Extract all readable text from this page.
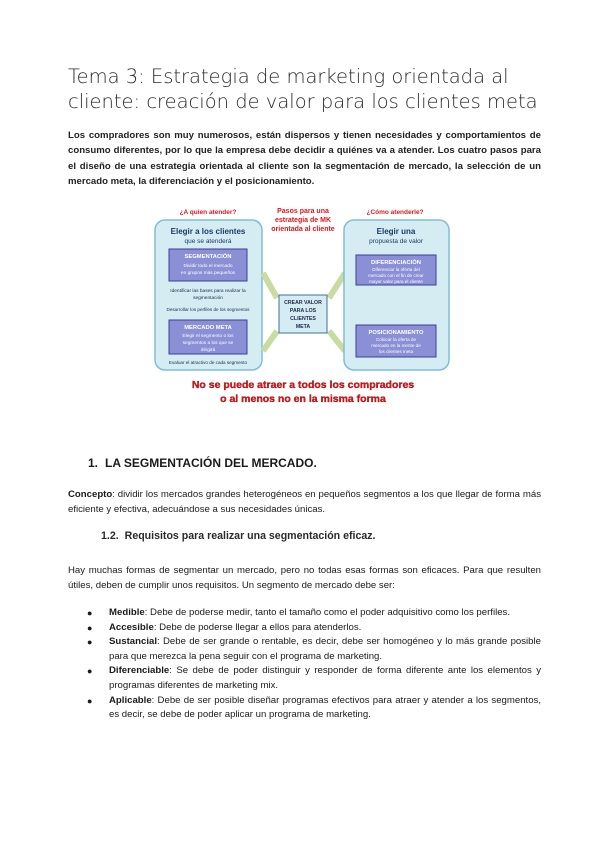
Tema 3: Estrategia de marketing orientada al cliente: creación de valor para los clientes meta

Los compradores son muy numerosos, están dispersos y tienen necesidades y comportamientos de consumo diferentes, por lo que la empresa debe decidir a quiénes va a atender. Los cuatro pasos para el diseño de una estrategia orientada al cliente son la segmentación de mercado, la selección de un mercado meta, la diferenciación y el posicionamiento.

¿A quien atender?	Pasos para una
estrategia de MK
orientada al cliente
¿Cómo atenderle?
Elegir a los clientes
que se atenderá
SEGMENTACIÓN
Dividir todo el mercado
en grupos más pequeños
Identificar las bases para realizar la
segmentación
Desarrollar los perfiles de los segmentos
MERCADO META
Elegir el segmento o los
segmentos a los que se
dirigirá
Evaluar el atractivo de cada segmento
CREAR VALOR
PARA LOS
CLIENTES
META
Elegir una
propuesta de valor
DIFERENCIACIÓN
Diferenciar la oferta del
mercado con el fin de crear
mayor valor para el cliente
POSICIONAMIENTO
Colocar la oferta de
mercado en la mente de
los clientes meta
No se puede atraer a todos los compradores
o al menos no en la misma forma
1. LA SEGMENTACIÓN DEL MERCADO.

Concepto: dividir los mercados grandes heterogéneos en pequeños segmentos a los que llegar de forma más eficiente y efectiva, adecuándose a sus necesidades únicas.

1.2. Requisitos para realizar una segmentación eficaz.

Hay muchas formas de segmentar un mercado, pero no todas esas formas son eficaces. Para que resulten útiles, deben de cumplir unos requisitos. Un segmento de mercado debe ser:

● Medible: Debe de poderse medir, tanto el tamaño como el poder adquisitivo como los perfiles.
● Accesible: Debe de poderse llegar a ellos para atenderlos.
● Sustancial: Debe de ser grande o rentable, es decir, debe ser homogéneo y lo más grande posible para que merezca la pena seguir con el programa de marketing.
● Diferenciable: Se debe de poder distinguir y responder de forma diferente ante los elementos y programas diferentes de marketing mix.
● Aplicable: Debe de ser posible diseñar programas efectivos para atraer y atender a los segmentos, es decir, se debe de poder aplicar un programa de marketing.
